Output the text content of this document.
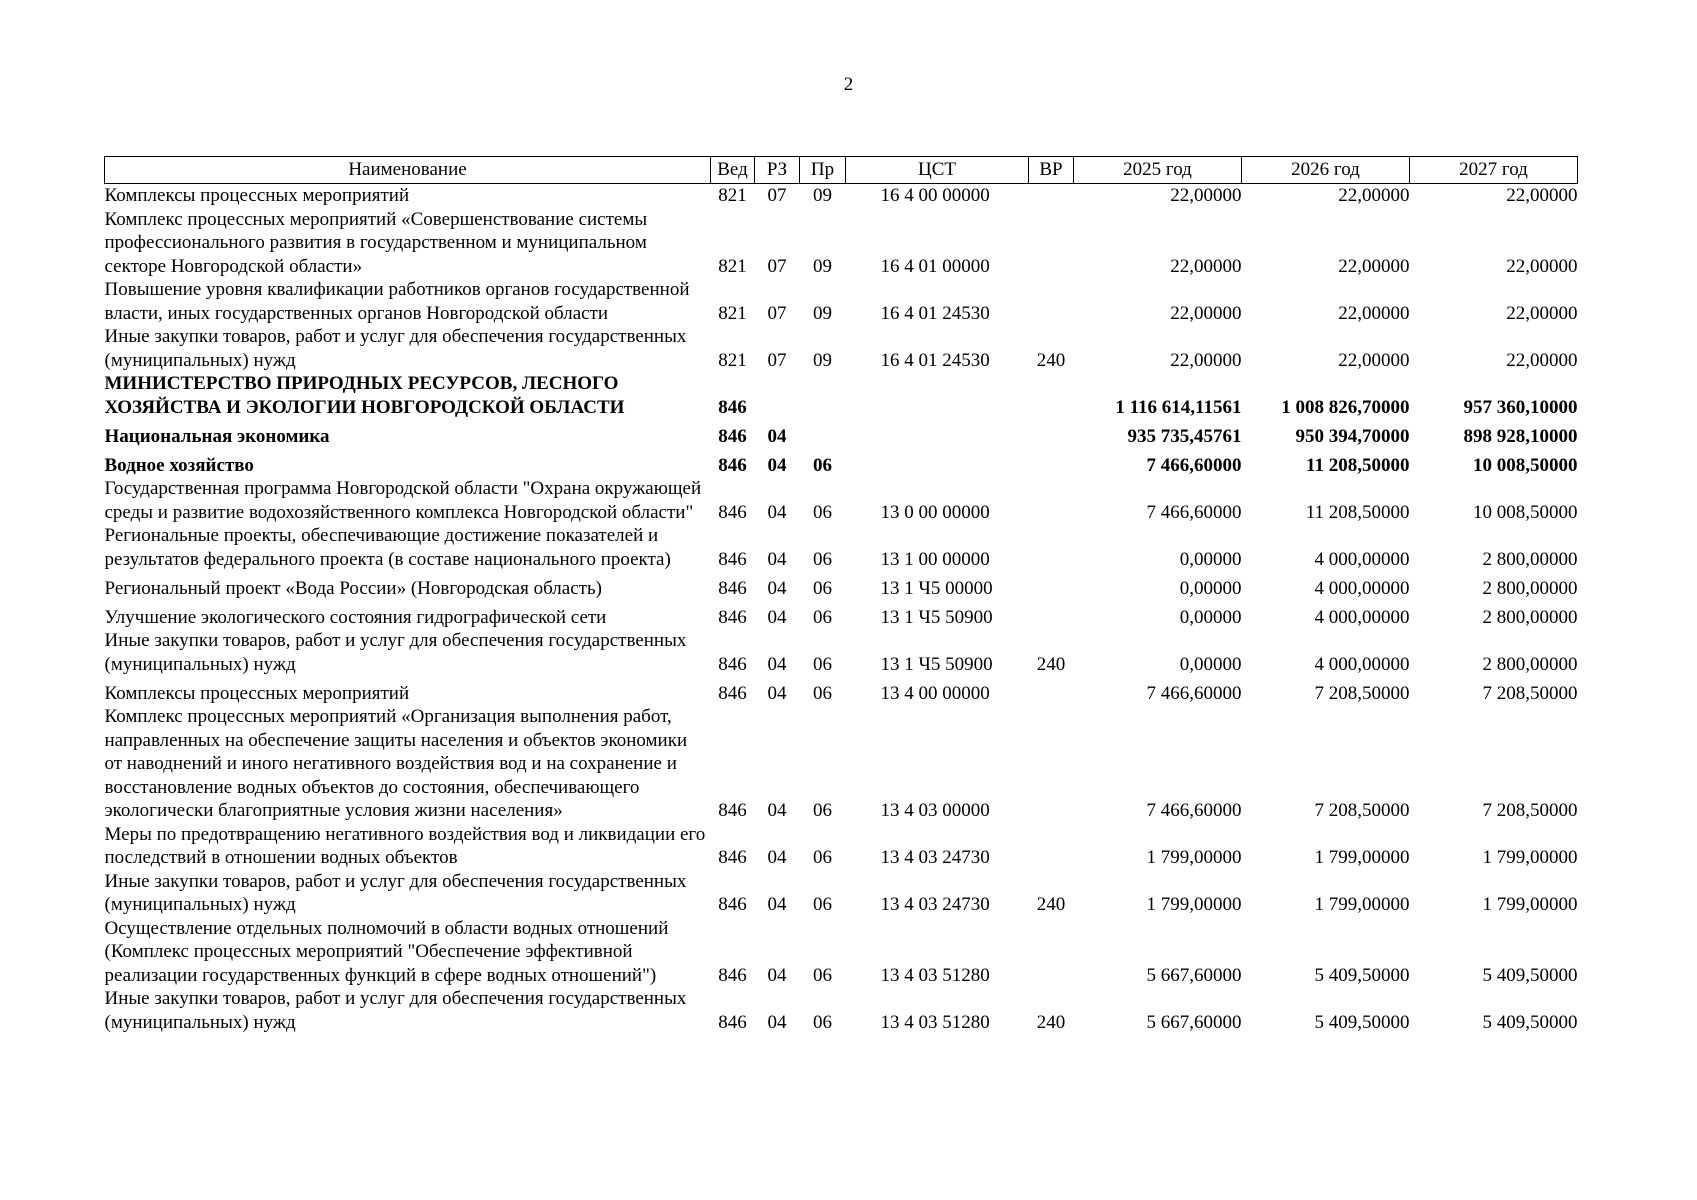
2
Наименование	Вед	РЗ	Пр	ЦСТ	ВР	2025 год	2026 год	2027 год
Комплексы процессных мероприятий	821	07	09	16 4 00 00000		22,00000	22,00000	22,00000
Комплекс процессных мероприятий «Совершенствование системы профессионального развития в государственном и муниципальном секторе Новгородской области»	821	07	09	16 4 01 00000		22,00000	22,00000	22,00000
Повышение уровня квалификации работников органов государственной власти, иных государственных органов Новгородской области	821	07	09	16 4 01 24530		22,00000	22,00000	22,00000
Иные закупки товаров, работ и услуг для обеспечения государственных (муниципальных) нужд	821	07	09	16 4 01 24530	240	22,00000	22,00000	22,00000
МИНИСТЕРСТВО ПРИРОДНЫХ РЕСУРСОВ, ЛЕСНОГО ХОЗЯЙСТВА И ЭКОЛОГИИ НОВГОРОДСКОЙ ОБЛАСТИ	846					1 116 614,11561	1 008 826,70000	957 360,10000
Национальная экономика	846	04				935 735,45761	950 394,70000	898 928,10000
Водное хозяйство	846	04	06			7 466,60000	11 208,50000	10 008,50000
Государственная программа Новгородской области "Охрана окружающей среды и развитие водохозяйственного комплекса Новгородской области"	846	04	06	13 0 00 00000		7 466,60000	11 208,50000	10 008,50000
Региональные проекты, обеспечивающие достижение показателей и результатов федерального проекта (в составе национального проекта)	846	04	06	13 1 00 00000		0,00000	4 000,00000	2 800,00000
Региональный проект «Вода России» (Новгородская область)	846	04	06	13 1 Ч5 00000		0,00000	4 000,00000	2 800,00000
Улучшение экологического состояния гидрографической сети	846	04	06	13 1 Ч5 50900		0,00000	4 000,00000	2 800,00000
Иные закупки товаров, работ и услуг для обеспечения государственных (муниципальных) нужд	846	04	06	13 1 Ч5 50900	240	0,00000	4 000,00000	2 800,00000
Комплексы процессных мероприятий	846	04	06	13 4 00 00000		7 466,60000	7 208,50000	7 208,50000
Комплекс процессных мероприятий «Организация выполнения работ, направленных на обеспечение защиты населения и объектов экономики от наводнений и иного негативного воздействия вод и на сохранение и восстановление водных объектов до состояния, обеспечивающего экологически благоприятные условия жизни населения»	846	04	06	13 4 03 00000		7 466,60000	7 208,50000	7 208,50000
Меры по предотвращению негативного воздействия вод и ликвидации его последствий в отношении водных объектов	846	04	06	13 4 03 24730		1 799,00000	1 799,00000	1 799,00000
Иные закупки товаров, работ и услуг для обеспечения государственных (муниципальных) нужд	846	04	06	13 4 03 24730	240	1 799,00000	1 799,00000	1 799,00000
Осуществление отдельных полномочий в области водных отношений (Комплекс процессных мероприятий "Обеспечение эффективной реализации государственных функций в сфере водных отношений")	846	04	06	13 4 03 51280		5 667,60000	5 409,50000	5 409,50000
Иные закупки товаров, работ и услуг для обеспечения государственных (муниципальных) нужд	846	04	06	13 4 03 51280	240	5 667,60000	5 409,50000	5 409,50000
